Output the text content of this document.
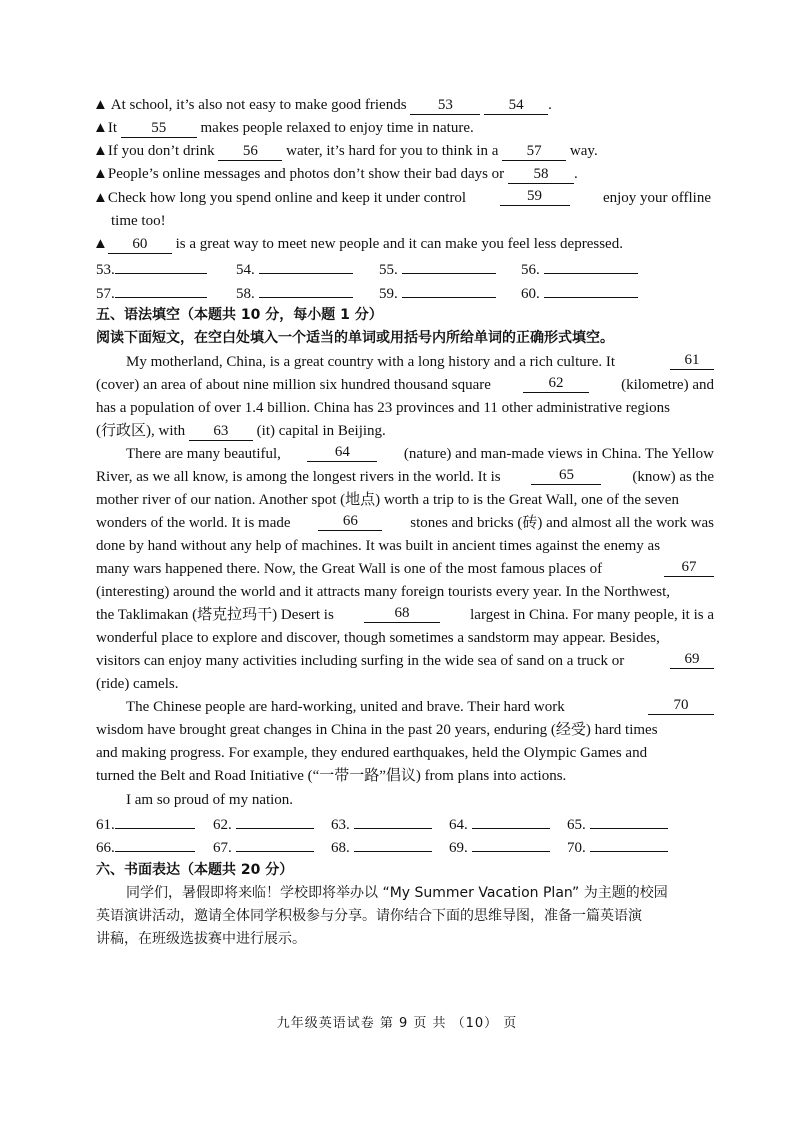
▲ At school, it’s also not easy to make good friends 53	54 .
▲It 55 makes people relaxed to enjoy time in nature.
▲If you don’t drink 56 water, it’s hard for you to think in a 57 way.
▲People’s online messages and photos don’t show their bad days or 58 .
▲Check how long you spend online and keep it under control	59	enjoy your offline
time too!
▲ 60 is a great way to meet new people and it can make you feel less depressed.
53.	54.	55.	56.
57.	58.	59.	60.
五、语法填空（本题共 10 分，每小题 1 分）
阅读下面短文，在空白处填入一个适当的单词或用括号内所给单词的正确形式填空。
My motherland, China, is a great country with a long history and a rich culture. It	61
(cover) an area of about nine million six hundred thousand square	62	(kilometre) and
has a population of over 1.4 billion. China has 23 provinces and 11 other administrative regions
(行政区), with 63 (it) capital in Beijing.
There are many beautiful,	64	(nature) and man-made views in China. The Yellow
River, as we all know, is among the longest rivers in the world. It is	65	(know) as the
mother river of our nation. Another spot (地点) worth a trip to is the Great Wall, one of the seven
wonders of the world. It is made	66	stones and bricks (砖) and almost all the work was
done by hand without any help of machines. It was built in ancient times against the enemy as
many wars happened there. Now, the Great Wall is one of the most famous places of	67
(interesting) around the world and it attracts many foreign tourists every year. In the Northwest,
the Taklimakan (塔克拉玛干) Desert is	68	largest in China. For many people, it is a
wonderful place to explore and discover, though sometimes a sandstorm may appear. Besides,
visitors can enjoy many activities including surfing in the wide sea of sand on a truck or	69
(ride) camels.
The Chinese people are hard-working, united and brave. Their hard work	70
wisdom have brought great changes in China in the past 20 years, enduring (经受) hard times
and making progress. For example, they endured earthquakes, held the Olympic Games and
turned the Belt and Road Initiative (“一带一路”倡议) from plans into actions.
I am so proud of my nation.
61.	62.	63.	64.	65.
66.	67.	68.	69.	70.
六、书面表达（本题共 20 分）
同学们，暑假即将来临！学校即将举办以 “My Summer Vacation Plan” 为主题的校园
英语演讲活动，邀请全体同学积极参与分享。请你结合下面的思维导图，准备一篇英语演
讲稿，在班级选拔赛中进行展示。
九年级英语试卷 第 9 页 共 （10） 页
